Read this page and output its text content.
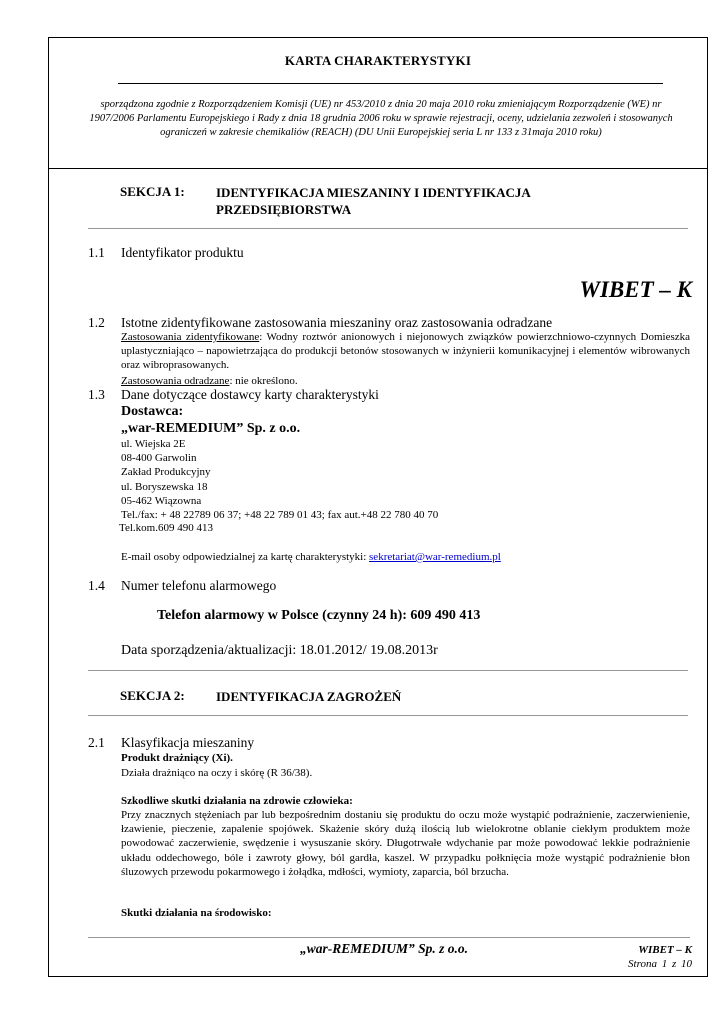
KARTA CHARAKTERYSTYKI
sporządzona zgodnie z Rozporządzeniem Komisji (UE) nr 453/2010 z dnia 20 maja 2010 roku zmieniającym Rozporządzenie (WE) nr 1907/2006 Parlamentu Europejskiego i Rady z dnia 18 grudnia 2006 roku w sprawie rejestracji, oceny, udzielania zezwoleń i stosowanych ograniczeń w zakresie chemikaliów (REACH) (DU Unii Europejskiej seria L nr 133 z 31maja 2010 roku)
SEKCJA 1: IDENTYFIKACJA MIESZANINY I IDENTYFIKACJA
PRZEDSIĘBIORSTWA
1.1 Identyfikator produktu
WIBET – K
1.2 Istotne zidentyfikowane zastosowania mieszaniny oraz zastosowania odradzane
Zastosowania zidentyfikowane: Wodny roztwór anionowych i niejonowych związków powierzchniowo-czynnych Domieszka uplastyczniająco – napowietrzająca do produkcji betonów stosowanych w inżynierii komunikacyjnej i elementów wibrowanych oraz wibroprasowanych.
Zastosowania odradzane: nie określono.
1.3 Dane dotyczące dostawcy karty charakterystyki
Dostawca:
„war-REMEDIUM” Sp. z o.o.
ul. Wiejska 2E
08-400 Garwolin
Zakład Produkcyjny
ul. Boryszewska 18
05-462 Wiązowna
Tel./fax: + 48 22789 06 37; +48 22 789 01 43; fax aut.+48 22 780 40 70
Tel.kom.609 490 413
E-mail osoby odpowiedzialnej za kartę charakterystyki: sekretariat@war-remedium.pl
1.4 Numer telefonu alarmowego
Telefon alarmowy w Polsce (czynny 24 h): 609 490 413
Data sporządzenia/aktualizacji: 18.01.2012/ 19.08.2013r
SEKCJA 2: IDENTYFIKACJA ZAGROŻEŃ
2.1 Klasyfikacja mieszaniny
Produkt drażniący (Xi).
Działa drażniąco na oczy i skórę (R 36/38).
Szkodliwe skutki działania na zdrowie człowieka:
Przy znacznych stężeniach par lub bezpośrednim dostaniu się produktu do oczu może wystąpić podrażnienie, zaczerwienienie, łzawienie, pieczenie, zapalenie spojówek. Skażenie skóry dużą ilością lub wielokrotne oblanie ciekłym produktem może powodować zaczerwienie, swędzenie i wysuszanie skóry. Długotrwałe wdychanie par może powodować lekkie podrażnienie układu oddechowego, bóle i zawroty głowy, ból gardła, kaszel. W przypadku połknięcia może wystąpić podrażnienie błon śluzowych przewodu pokarmowego i żołądka, mdłości, wymioty, zaparcia, ból brzucha.
Skutki działania na środowisko:
„war-REMEDIUM” Sp. z o.o.	WIBET – K
Strona 1 z 10
